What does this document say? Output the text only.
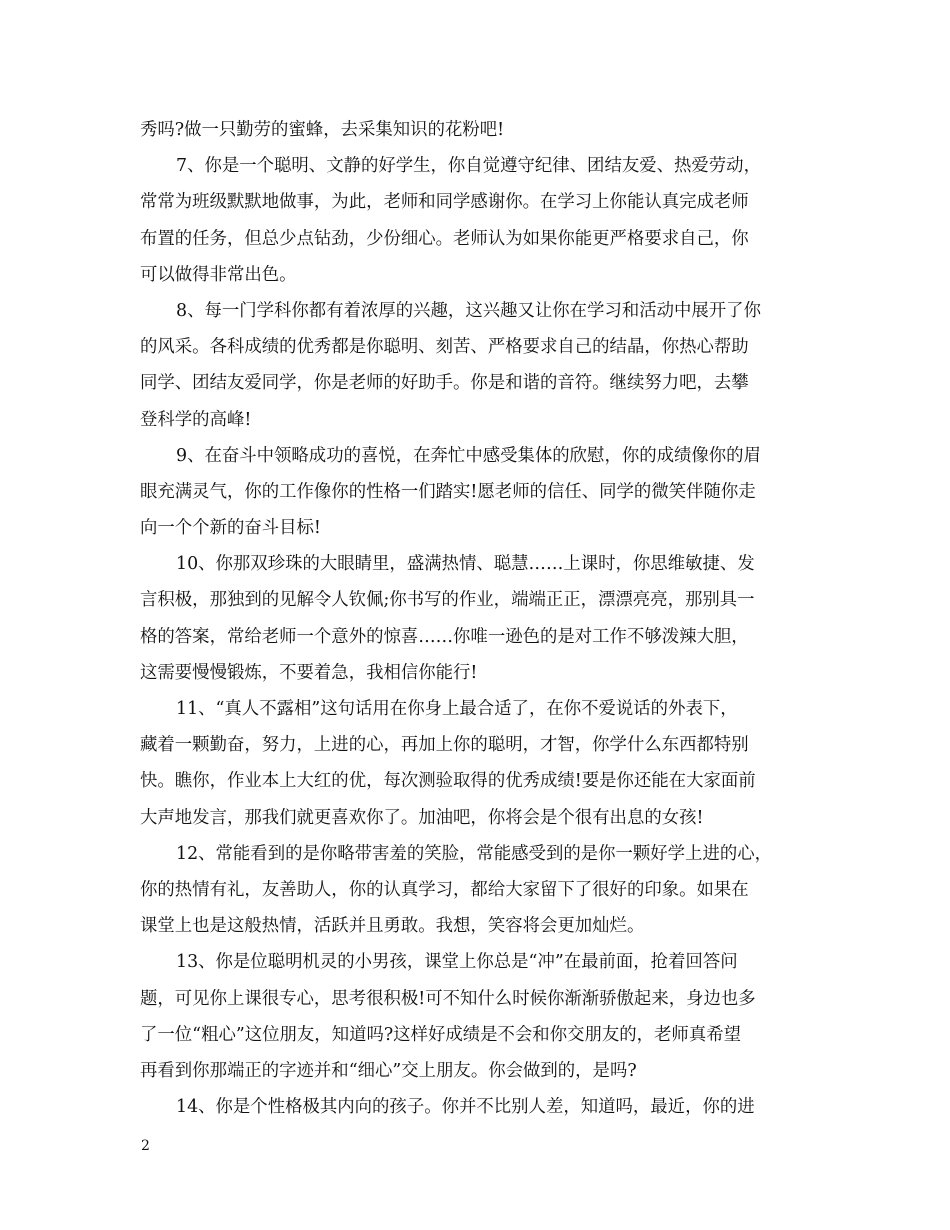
秀吗?做一只勤劳的蜜蜂，去采集知识的花粉吧!
7、你是一个聪明、文静的好学生，你自觉遵守纪律、团结友爱、热爱劳动，
常常为班级默默地做事，为此，老师和同学感谢你。在学习上你能认真完成老师
布置的任务，但总少点钻劲，少份细心。老师认为如果你能更严格要求自己，你
可以做得非常出色。
8、每一门学科你都有着浓厚的兴趣，这兴趣又让你在学习和活动中展开了你
的风采。各科成绩的优秀都是你聪明、刻苦、严格要求自己的结晶，你热心帮助
同学、团结友爱同学，你是老师的好助手。你是和谐的音符。继续努力吧，去攀
登科学的高峰!
9、在奋斗中领略成功的喜悦，在奔忙中感受集体的欣慰，你的成绩像你的眉
眼充满灵气，你的工作像你的性格一们踏实!愿老师的信任、同学的微笑伴随你走
向一个个新的奋斗目标!
10、你那双珍珠的大眼睛里，盛满热情、聪慧……上课时，你思维敏捷、发
言积极，那独到的见解令人钦佩;你书写的作业，端端正正，漂漂亮亮，那别具一
格的答案，常给老师一个意外的惊喜……你唯一逊色的是对工作不够泼辣大胆，
这需要慢慢锻炼，不要着急，我相信你能行!
11、“真人不露相”这句话用在你身上最合适了，在你不爱说话的外表下，
藏着一颗勤奋，努力，上进的心，再加上你的聪明，才智，你学什么东西都特别
快。瞧你，作业本上大红的优，每次测验取得的优秀成绩!要是你还能在大家面前
大声地发言，那我们就更喜欢你了。加油吧，你将会是个很有出息的女孩!
12、常能看到的是你略带害羞的笑脸，常能感受到的是你一颗好学上进的心，
你的热情有礼，友善助人，你的认真学习，都给大家留下了很好的印象。如果在
课堂上也是这般热情，活跃并且勇敢。我想，笑容将会更加灿烂。
13、你是位聪明机灵的小男孩，课堂上你总是“冲”在最前面，抢着回答问
题，可见你上课很专心，思考很积极!可不知什么时候你渐渐骄傲起来，身边也多
了一位“粗心”这位朋友，知道吗?这样好成绩是不会和你交朋友的，老师真希望
再看到你那端正的字迹并和“细心”交上朋友。你会做到的，是吗?
14、你是个性格极其内向的孩子。你并不比别人差，知道吗，最近，你的进
2
